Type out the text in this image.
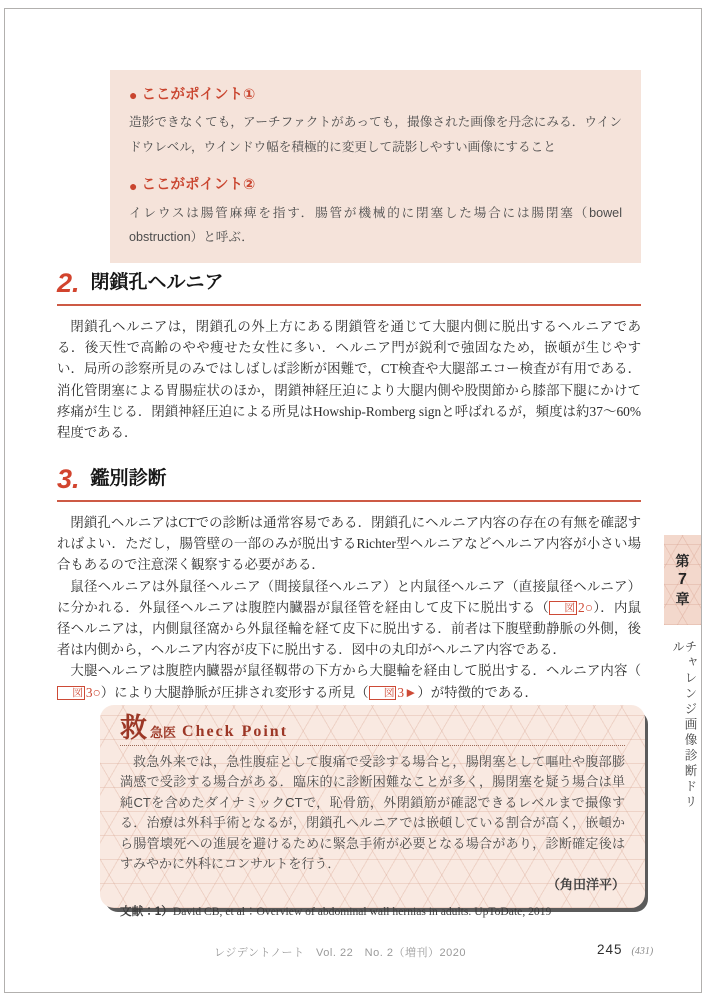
● ここがポイント①
造影できなくても，アーチファクトがあっても，撮像された画像を丹念にみる．ウインドウレベル，ウインドウ幅を積極的に変更して読影しやすい画像にすること
● ここがポイント②
イレウスは腸管麻痺を指す．腸管が機械的に閉塞した場合には腸閉塞（bowel obstruction）と呼ぶ．
2. 閉鎖孔ヘルニア

閉鎖孔ヘルニアは，閉鎖孔の外上方にある閉鎖管を通じて大腿内側に脱出するヘルニアである．後天性で高齢のやや痩せた女性に多い．ヘルニア門が鋭利で強固なため，嵌頓が生じやすい．局所の診察所見のみではしばしば診断が困難で，CT検査や大腿部エコー検査が有用である．消化管閉塞による胃腸症状のほか，閉鎖神経圧迫により大腿内側や股関節から膝部下腿にかけて疼痛が生じる．閉鎖神経圧迫による所見はHowship-Romberg signと呼ばれるが，頻度は約37〜60%程度である．

3. 鑑別診断

閉鎖孔ヘルニアはCTでの診断は通常容易である．閉鎖孔にヘルニア内容の存在の有無を確認すればよい．ただし，腸管壁の一部のみが脱出するRichter型ヘルニアなどヘルニア内容が小さい場合もあるので注意深く観察する必要がある．

鼠径ヘルニアは外鼠径ヘルニア（間接鼠径ヘルニア）と内鼠径ヘルニア（直接鼠径ヘルニア）に分かれる．外鼠径ヘルニアは腹腔内臓器が鼠径管を経由して皮下に脱出する（ 図 2○）．内鼠径ヘルニアは，内側鼠径窩から外鼠径輪を経て皮下に脱出する．前者は下腹壁動静脈の外側，後者は内側から，ヘルニア内容が皮下に脱出する．図中の丸印がヘルニア内容である．

大腿ヘルニアは腹腔内臓器が鼠径靱帯の下方から大腿輪を経由して脱出する．ヘルニア内容（図 3○）により大腿静脈が圧排され変形する所見（ 図 3►）が特徴的である．

救 急医 Check Point
救急外来では，急性腹症として腹痛で受診する場合と，腸閉塞として嘔吐や腹部膨満感で受診する場合がある．臨床的に診断困難なことが多く，腸閉塞を疑う場合は単純CTを含めたダイナミックCTで，恥骨筋，外閉鎖筋が確認できるレベルまで撮像する．治療は外科手術となるが，閉鎖孔ヘルニアでは嵌頓している割合が高く，嵌頓から腸管壊死への進展を避けるために緊急手術が必要となる場合があり，診断確定後はすみやかに外科にコンサルトを行う．
（角田洋平）
文献：1）David CB, et al：Overview of abdominal wall hernias in adults. UpToDate, 2019
第
7
章
チャレンジ画像診断ドリル
レジデントノート　Vol. 22　No. 2（増刊）2020	245 (431)
